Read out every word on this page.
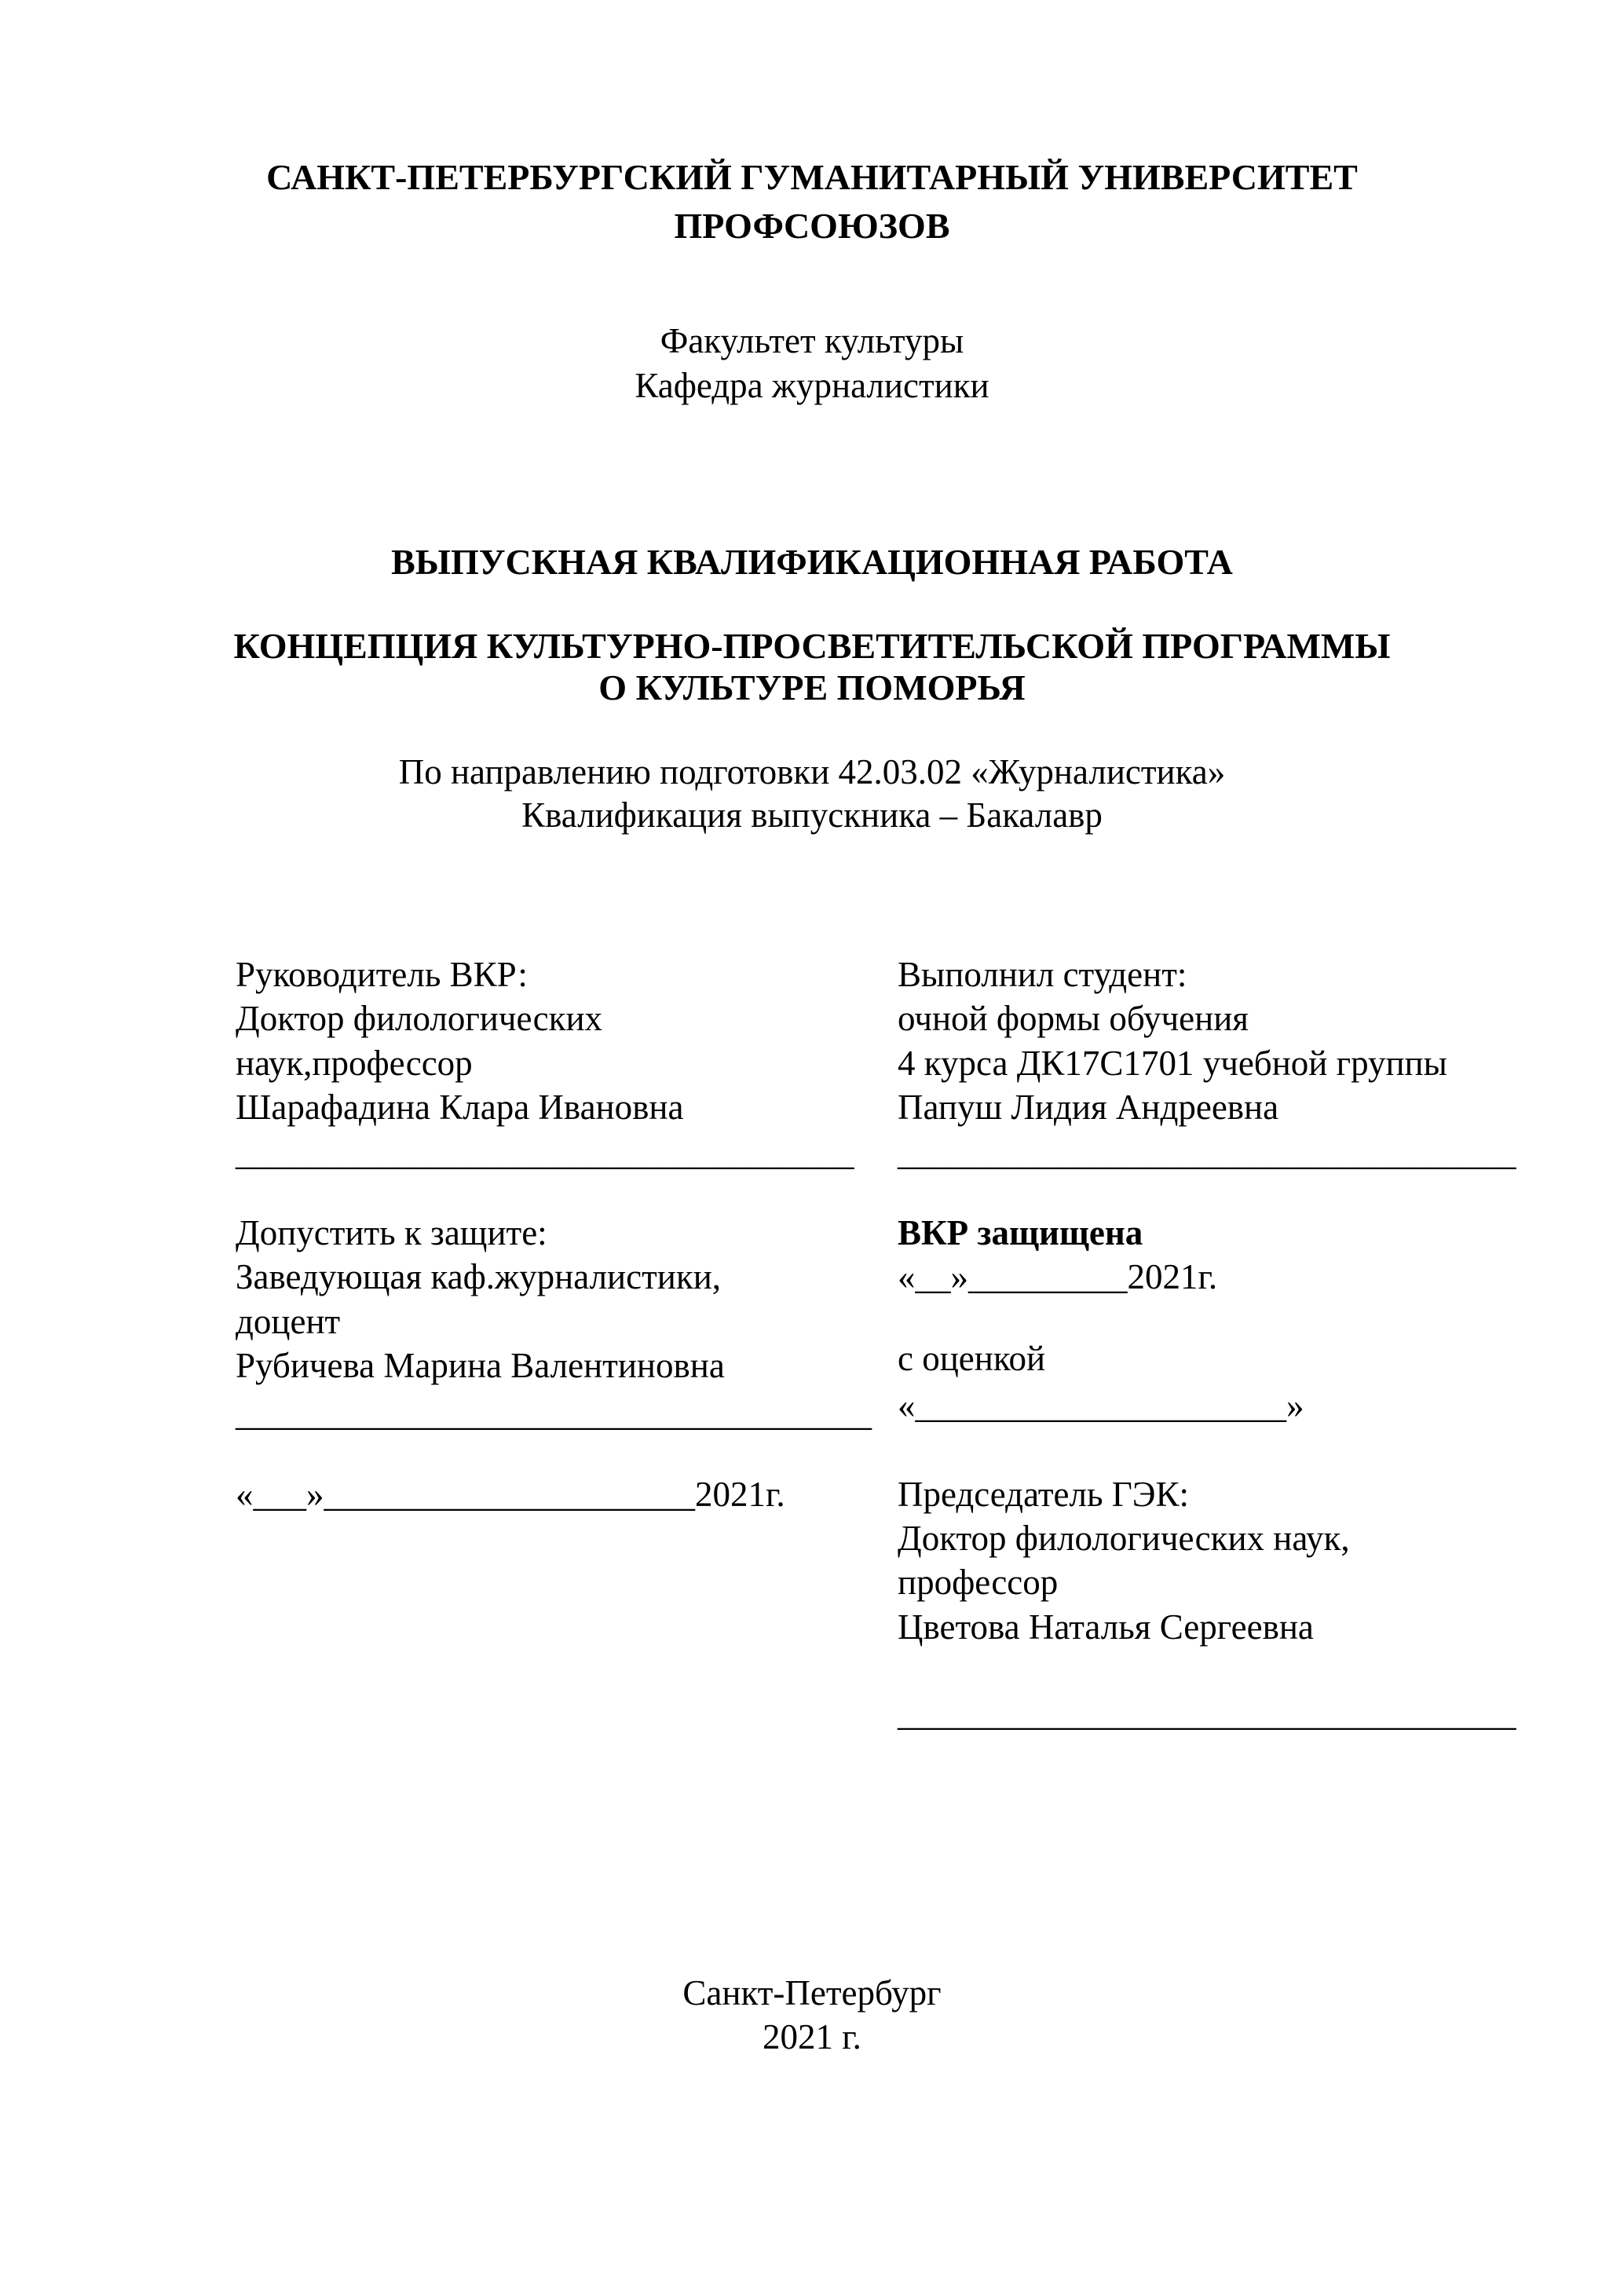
САНКТ-ПЕТЕРБУРГСКИЙ ГУМАНИТАРНЫЙ УНИВЕРСИТЕТ
ПРОФСОЮЗОВ
Факультет культуры
Кафедра журналистики
ВЫПУСКНАЯ КВАЛИФИКАЦИОННАЯ РАБОТА
КОНЦЕПЦИЯ КУЛЬТУРНО-ПРОСВЕТИТЕЛЬСКОЙ ПРОГРАММЫ
О КУЛЬТУРЕ ПОМОРЬЯ
По направлению подготовки 42.03.02 «Журналистика»
Квалификация выпускника – Бакалавр
Руководитель ВКР:
Доктор филологических
наук,профессор
Шарафадина Клара Ивановна
___________________________________
Допустить к защите:
Заведующая каф.журналистики,
доцент
Рубичева Марина Валентиновна
____________________________________
«___»_____________________2021г.
Выполнил студент:
очной формы обучения
4 курса ДК17С1701 учебной группы
Папуш Лидия Андреевна
___________________________________
ВКР защищена
«__»_________2021г.
с оценкой
«_____________________»
Председатель ГЭК:
Доктор филологических наук,
профессор
Цветова Наталья Сергеевна
___________________________________
Санкт-Петербург
2021 г.
